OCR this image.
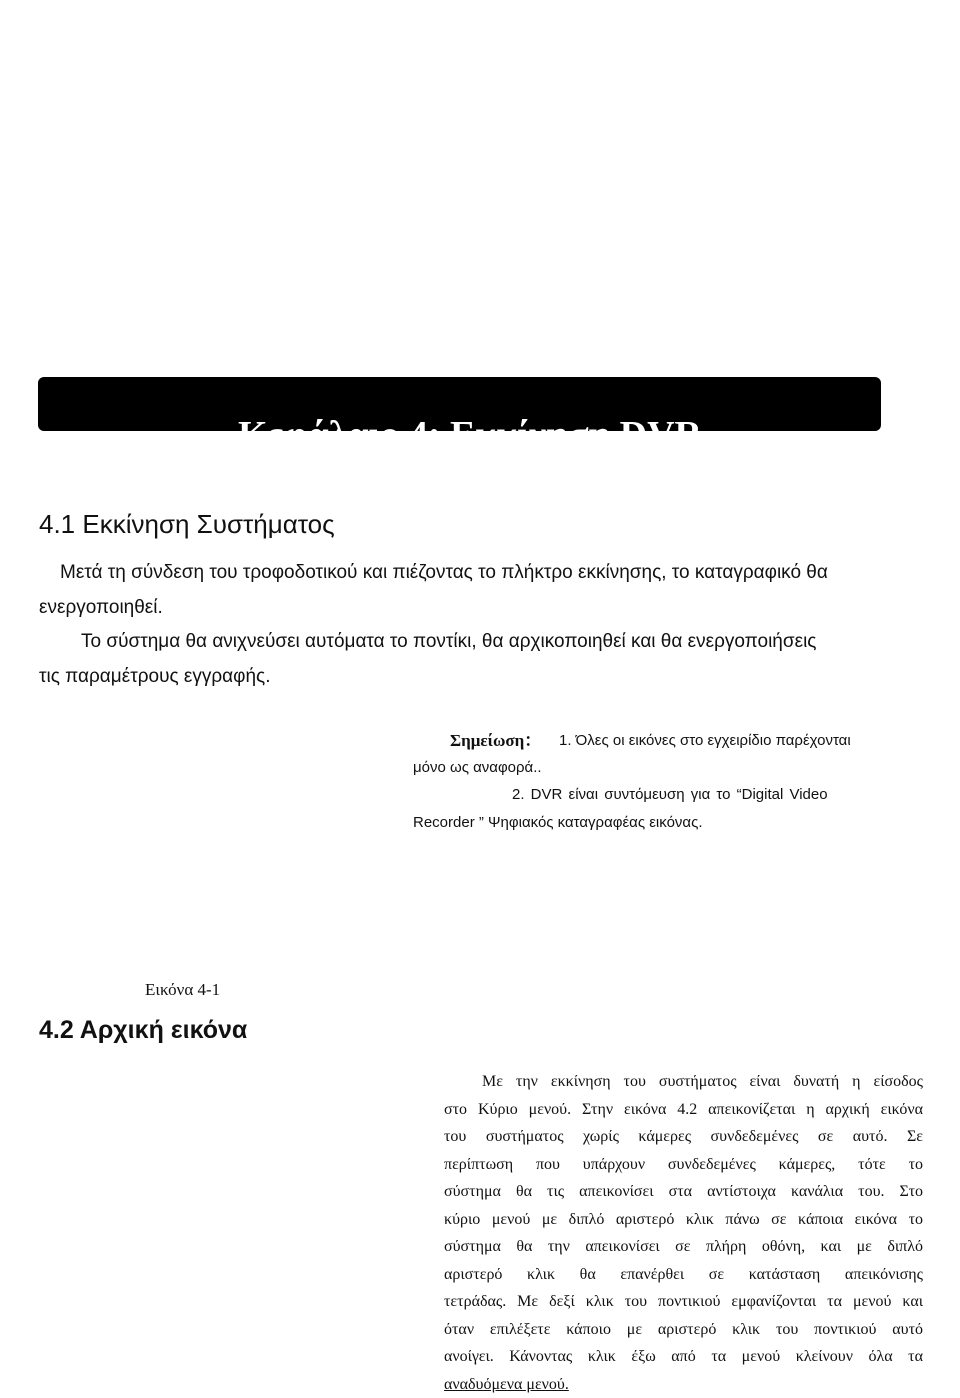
Κεφάλαιο 4: Εκκίνηση DVR
4.1 Εκκίνηση Συστήματος
Μετά τη σύνδεση του τροφοδοτικού και πιέζοντας το πλήκτρο εκκίνησης, το καταγραφικό θα
ενεργοποιηθεί.
Το σύστημα θα ανιχνεύσει αυτόματα το ποντίκι, θα αρχικοποιηθεί και θα ενεργοποιήσεις
τις παραμέτρους εγγραφής.
Σημείωση： 1. Όλες οι εικόνες στο εγχειρίδιο παρέχονται
μόνο ως αναφορά..
2. DVR είναι συντόμευση για το “Digital Video
Recorder ” Ψηφιακός καταγραφέας εικόνας.
Εικόνα 4-1
4.2 Αρχική εικόνα
Με την εκκίνηση του συστήματος είναι δυνατή η είσοδος
στο Κύριο μενού. Στην εικόνα 4.2 απεικονίζεται η αρχική εικόνα
του συστήματος χωρίς κάμερες συνδεδεμένες σε αυτό. Σε
περίπτωση που υπάρχουν συνδεδεμένες κάμερες, τότε το
σύστημα θα τις απεικονίσει στα αντίστοιχα κανάλια του. Στο
κύριο μενού με διπλό αριστερό κλικ πάνω σε κάποια εικόνα το
σύστημα θα την απεικονίσει σε πλήρη οθόνη, και με διπλό
αριστερό κλικ θα επανέρθει σε κατάσταση απεικόνισης
τετράδας. Με δεξί κλικ του ποντικιού εμφανίζονται τα μενού και
όταν επιλέξετε κάποιο με αριστερό κλικ του ποντικιού αυτό
ανοίγει. Κάνοντας κλικ έξω από τα μενού κλείνουν όλα τα
αναδυόμενα μενού.
